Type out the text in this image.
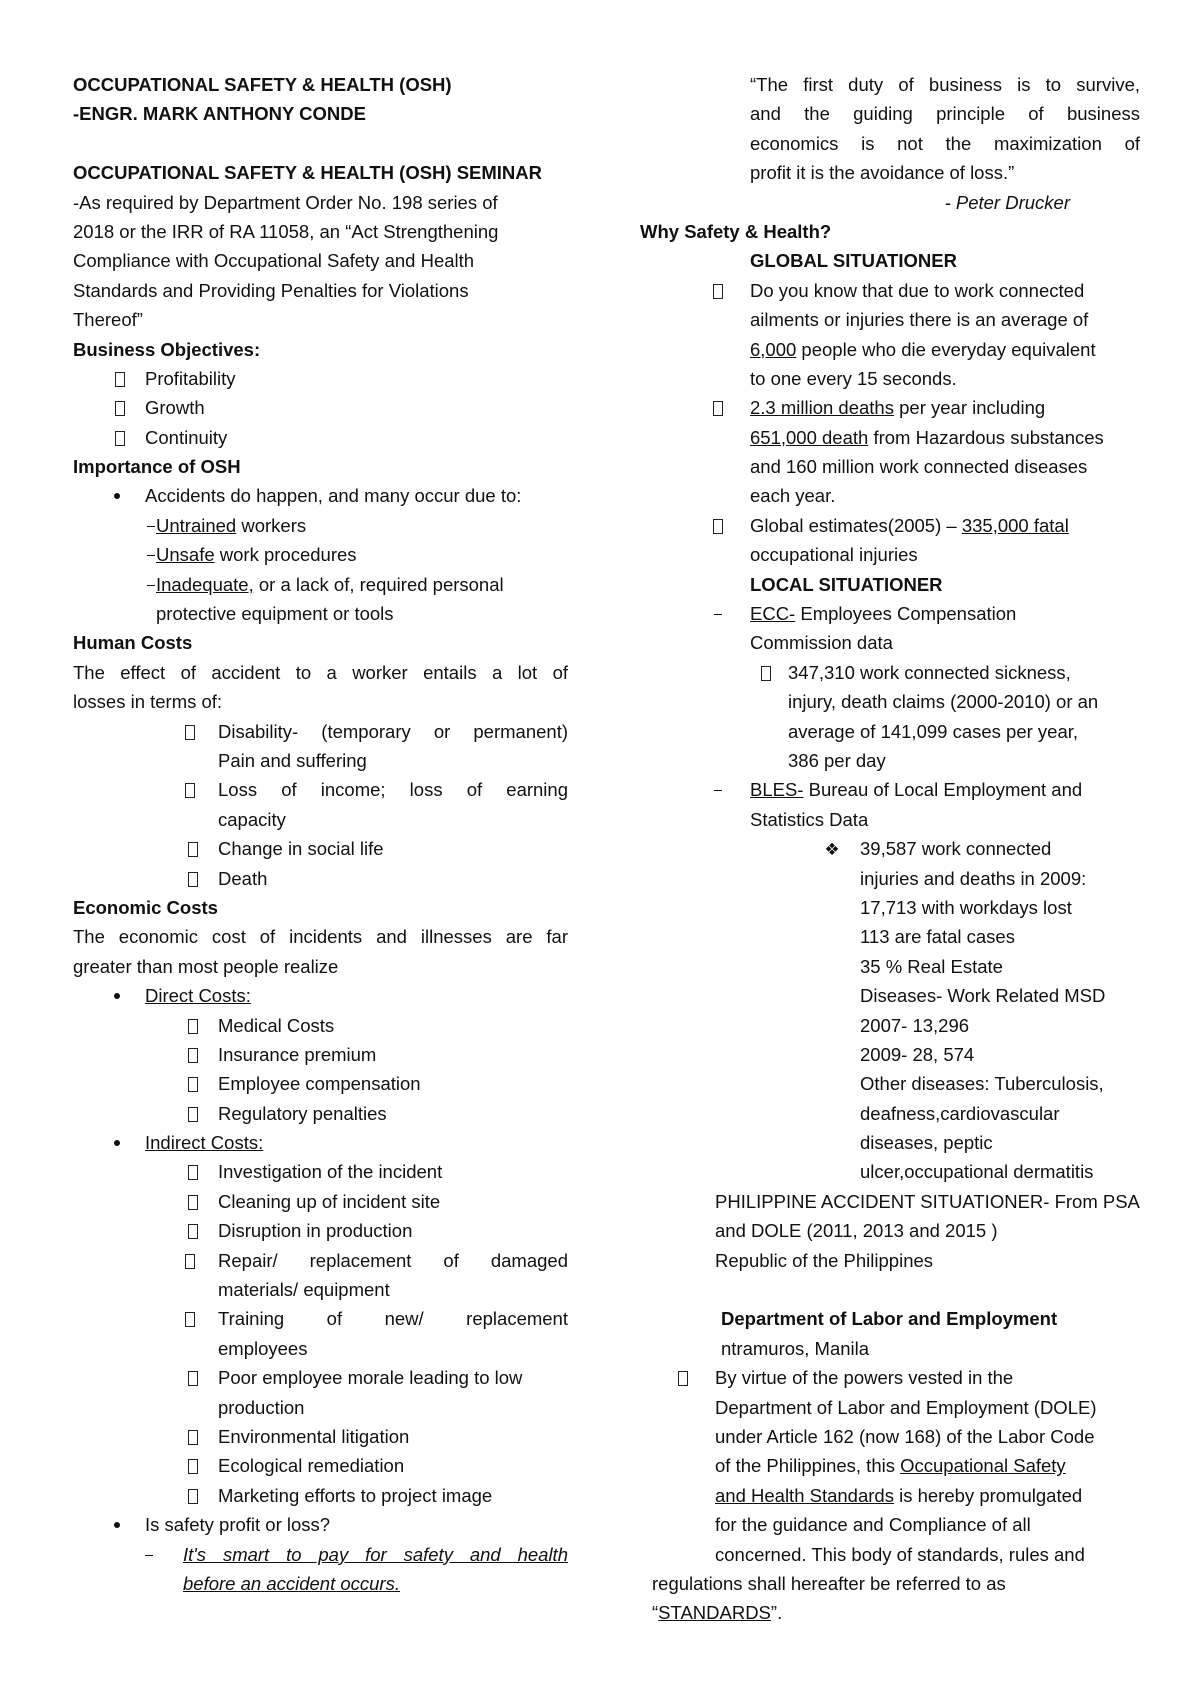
OCCUPATIONAL SAFETY & HEALTH (OSH)
-ENGR. MARK ANTHONY CONDE
OCCUPATIONAL SAFETY & HEALTH (OSH) SEMINAR
-As required by Department Order No. 198 series of
2018 or the IRR of RA 11058, an “Act Strengthening
Compliance with Occupational Safety and Health
Standards and Providing Penalties for Violations
Thereof”
Business Objectives:
Profitability
Growth
Continuity
Importance of OSH
Accidents do happen, and many occur due to:
Untrained workers
Unsafe work procedures
Inadequate, or a lack of, required personal
protective equipment or tools
Human Costs
The effect of accident to a worker entails a lot of
losses in terms of:
Disability- (temporary or permanent)
Pain and suffering
Loss of income; loss of earning
capacity
Change in social life
Death
Economic Costs
The economic cost of incidents and illnesses are far
greater than most people realize
Direct Costs:
Medical Costs
Insurance premium
Employee compensation
Regulatory penalties
Indirect Costs:
Investigation of the incident
Cleaning up of incident site
Disruption in production
Repair/ replacement of damaged
materials/ equipment
Training of new/ replacement
employees
Poor employee morale leading to low
production
Environmental litigation
Ecological remediation
Marketing efforts to project image
Is safety profit or loss?
It's smart to pay for safety and health
before an accident occurs.
“The first duty of business is to survive,
and the guiding principle of business
economics is not the maximization of
profit it is the avoidance of loss.”
- Peter Drucker
Why Safety & Health?
GLOBAL SITUATIONER
Do you know that due to work connected
ailments or injuries there is an average of
6,000 people who die everyday equivalent
to one every 15 seconds.
2.3 million deaths per year including
651,000 death from Hazardous substances
and 160 million work connected diseases
each year.
Global estimates(2005) – 335,000 fatal
occupational injuries
LOCAL SITUATIONER
ECC- Employees Compensation
Commission data
347,310 work connected sickness,
injury, death claims (2000-2010) or an
average of 141,099 cases per year,
386 per day
BLES- Bureau of Local Employment and
Statistics Data
❖ 39,587 work connected
injuries and deaths in 2009:
17,713 with workdays lost
113 are fatal cases
35 % Real Estate
Diseases- Work Related MSD
2007- 13,296
2009- 28, 574
Other diseases: Tuberculosis,
deafness,cardiovascular
diseases, peptic
ulcer,occupational dermatitis
PHILIPPINE ACCIDENT SITUATIONER- From PSA
and DOLE (2011, 2013 and 2015 )
Republic of the Philippines
Department of Labor and Employment
ntramuros, Manila
By virtue of the powers vested in the
Department of Labor and Employment (DOLE)
under Article 162 (now 168) of the Labor Code
of the Philippines, this Occupational Safety
and Health Standards is hereby promulgated
for the guidance and Compliance of all
concerned. This body of standards, rules and
regulations shall hereafter be referred to as
“STANDARDS”.
